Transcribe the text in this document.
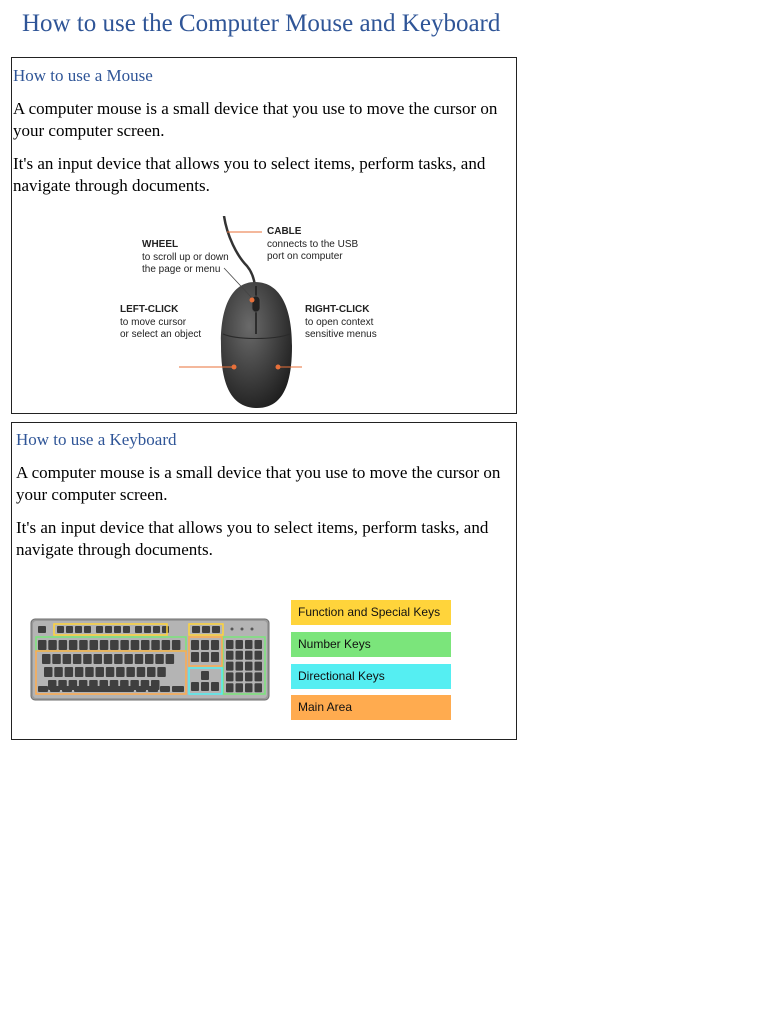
How to use the Computer Mouse and Keyboard
How to use a Mouse

A computer mouse is a small device that you use to move the cursor on your computer screen.

It's an input device that allows you to select items, perform tasks, and navigate through documents.

CABLE
connects to the USB
port on computer
WHEEL
to scroll up or down
the page or menu
LEFT-CLICK
to move cursor
or select an object
RIGHT-CLICK
to open context
sensitive menus
How to use a Keyboard

A computer mouse is a small device that you use to move the cursor on your computer screen.

It's an input device that allows you to select items, perform tasks, and navigate through documents.

Function and Special Keys
Number Keys
Directional Keys
Main Area
